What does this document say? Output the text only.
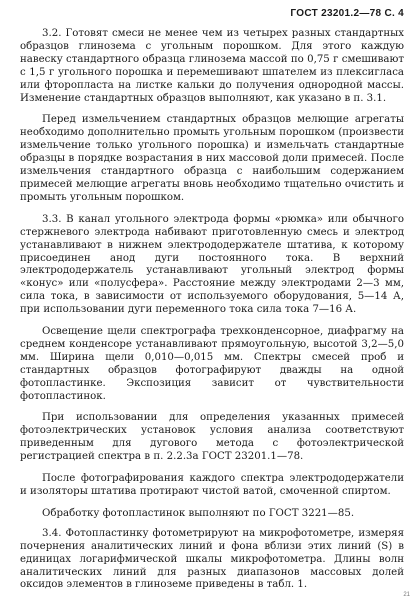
ГОСТ 23201.2—78 С. 4

3.2. Готовят смеси не менее чем из четырех разных стандартных образцов глинозема с угольным порошком. Для этого каждую навеску стандартного образца глинозема массой по 0,75 г смешивают с 1,5 г угольного порошка и перемешивают шпателем из плексигласа или фторопласта на листке кальки до получения однородной массы. Изменение стандартных образцов выполняют, как указано в п. 3.1.

Перед измельчением стандартных образцов мелющие агрегаты необходимо дополнительно промыть угольным порошком (произвести измельчение только угольного порошка) и измельчать стандартные образцы в порядке возрастания в них массовой доли примесей. После измельчения стандартного образца с наибольшим содержанием примесей мелющие агрегаты вновь необходимо тщательно очистить и промыть угольным порошком.

3.3. В канал угольного электрода формы «рюмка» или обычного стержневого электрода набивают приготовленную смесь и электрод устанавливают в нижнем электрододержателе штатива, к которому присоединен анод дуги постоянного тока. В верхний электрододержатель устанавливают угольный электрод формы «конус» или «полусфера». Расстояние между электродами 2—3 мм, сила тока, в зависимости от используемого оборудования, 5—14 А, при использовании дуги переменного тока сила тока 7—16 А.

Освещение щели спектрографа трехконденсорное, диафрагму на среднем конденсоре устанавливают прямоугольную, высотой 3,2—5,0 мм. Ширина щели 0,010—0,015 мм. Спектры смесей проб и стандартных образцов фотографируют дважды на одной фотопластинке. Экспозиция зависит от чувствительности фотопластинок.

При использовании для определения указанных примесей фотоэлектрических установок условия анализа соответствуют приведенным для дугового метода с фотоэлектрической регистрацией спектра в п. 2.2.3а ГОСТ 23201.1—78.

После фотографирования каждого спектра электрододержатели и изоляторы штатива протирают чистой ватой, смоченной спиртом.

Обработку фотопластинок выполняют по ГОСТ 3221—85.

3.4. Фотопластинку фотометрируют на микрофотометре, измеряя почернения аналитических линий и фона вблизи этих линий (S) в единицах логарифмической шкалы микрофотометра. Длины волн аналитических линий для разных диапазонов массовых долей оксидов элементов в глиноземе приведены в табл. 1.

21
